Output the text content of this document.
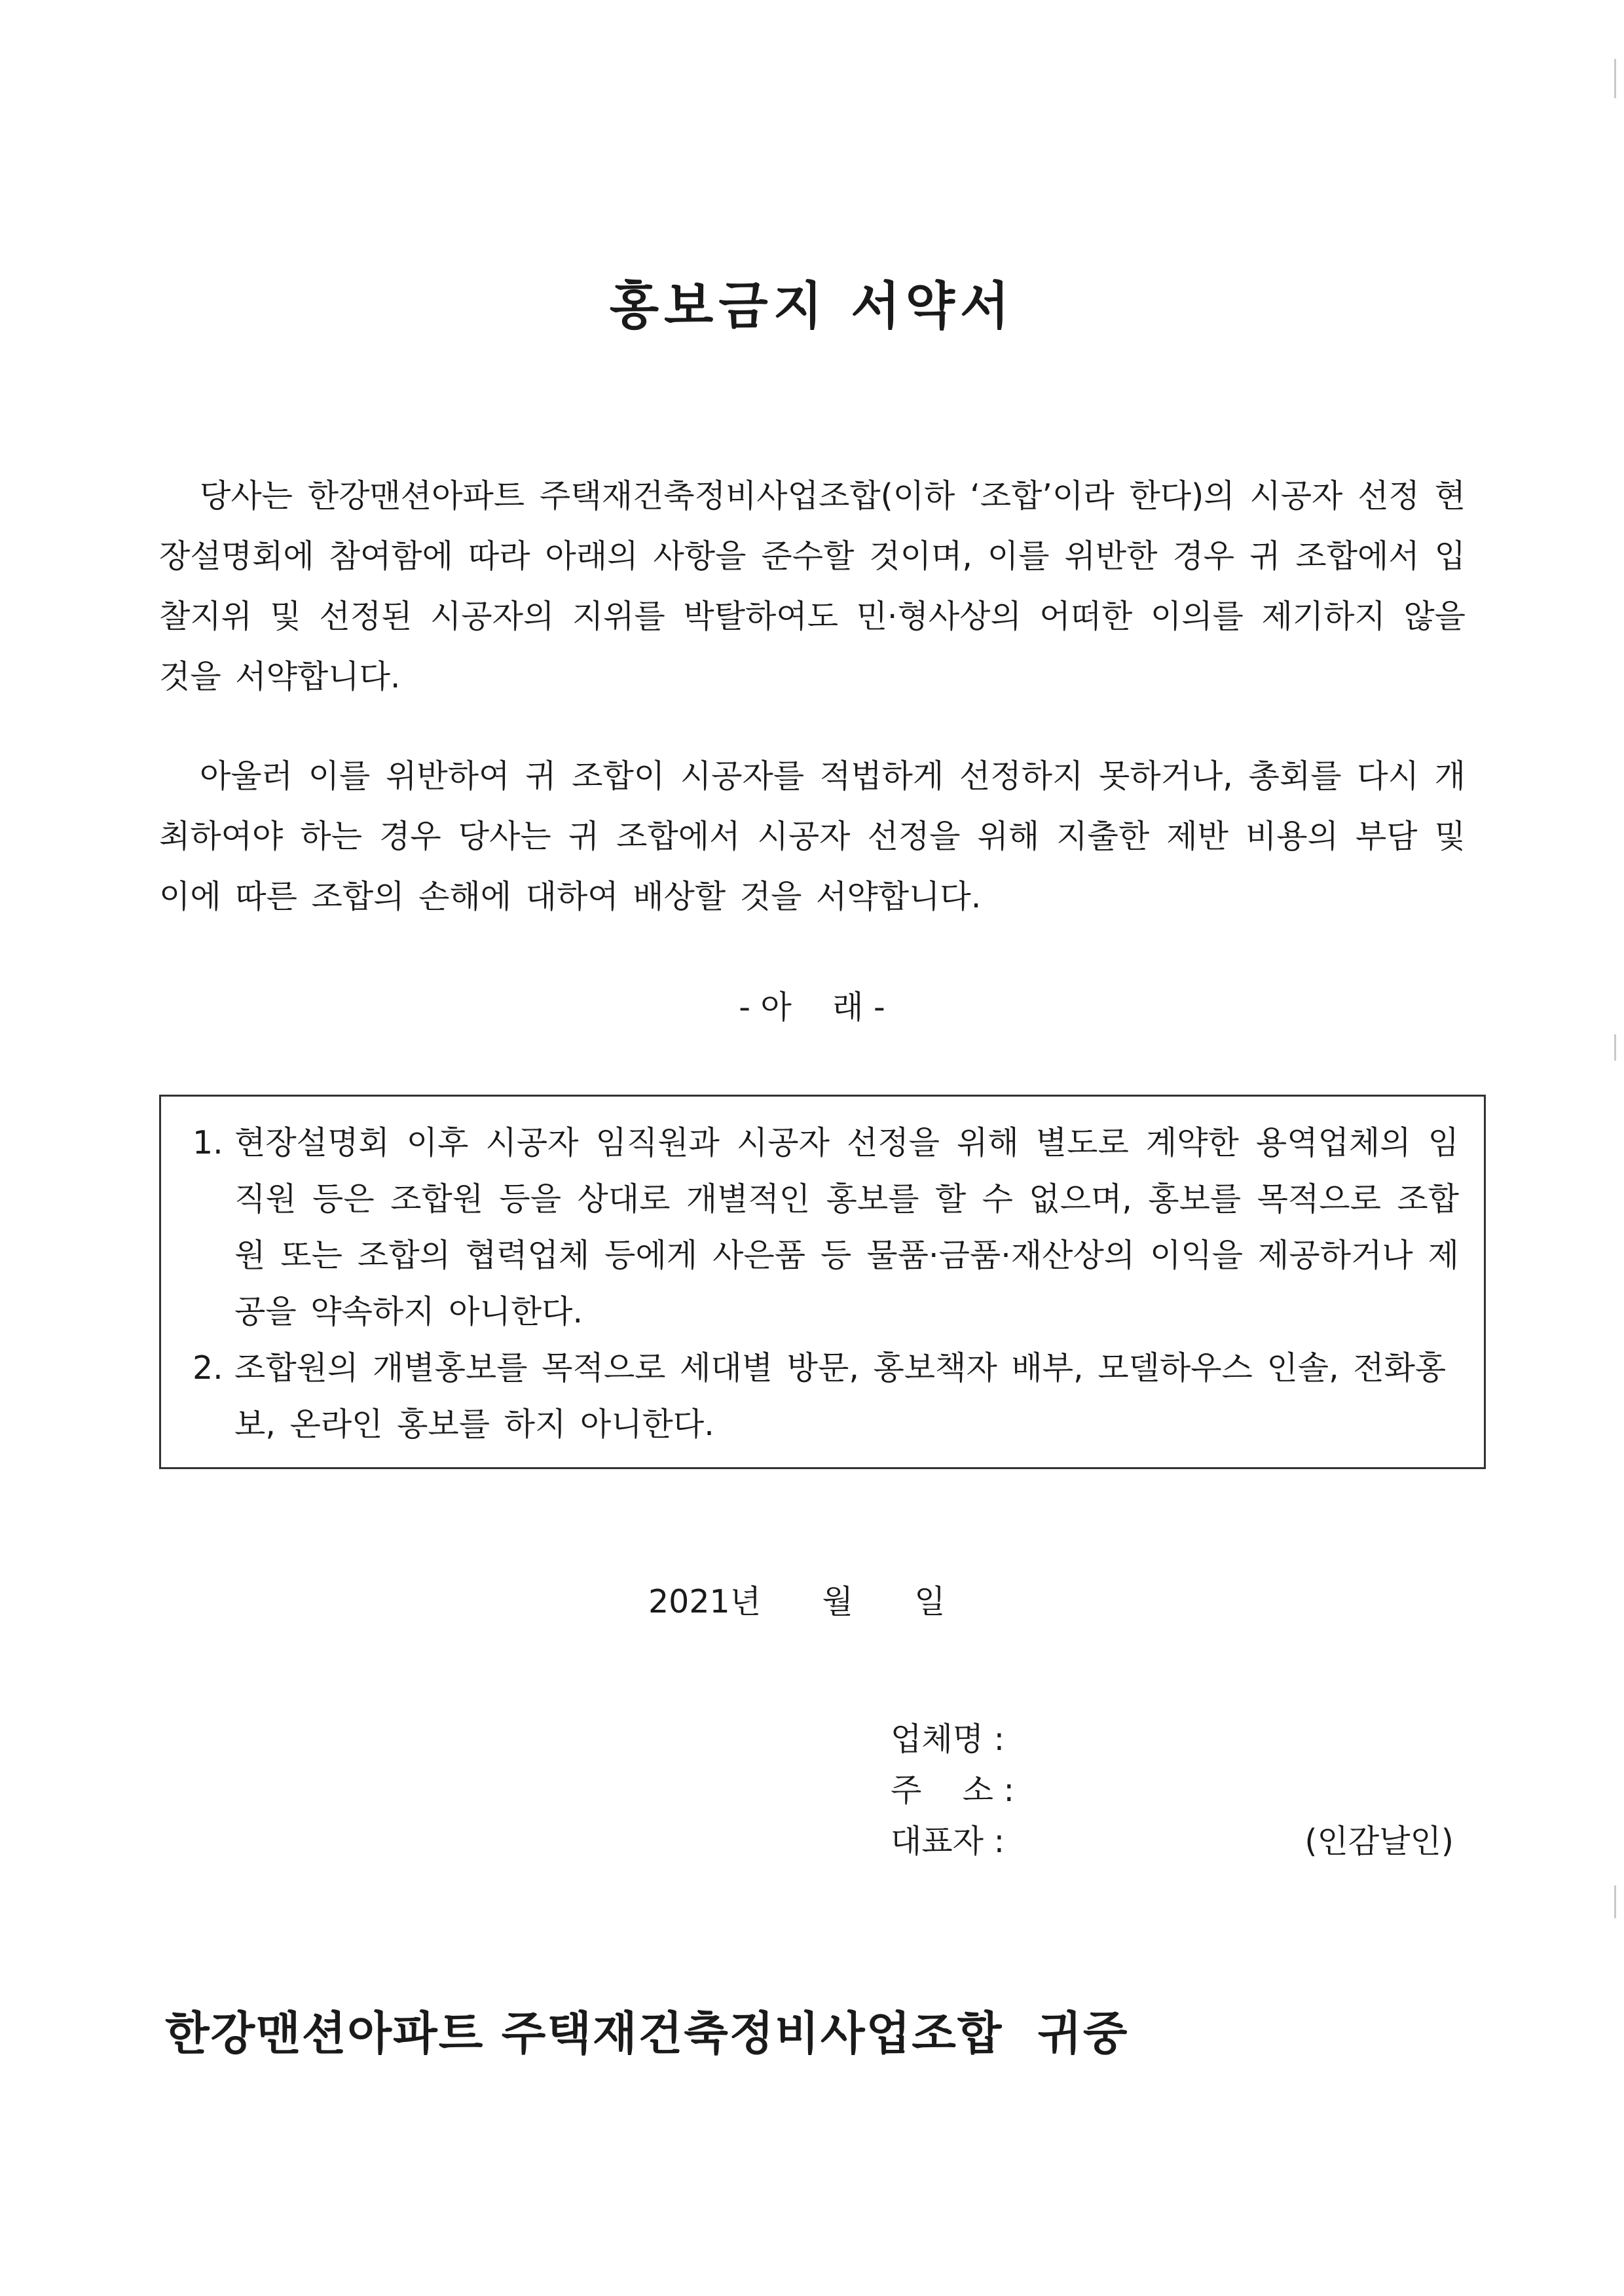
홍보금지 서약서

당사는 한강맨션아파트 주택재건축정비사업조합(이하 ‘조합’이라 한다)의 시공자 선정 현장설명회에 참여함에 따라 아래의 사항을 준수할 것이며, 이를 위반한 경우 귀 조합에서 입찰지위 및 선정된 시공자의 지위를 박탈하여도 민·형사상의 어떠한 이의를 제기하지 않을 것을 서약합니다.

아울러 이를 위반하여 귀 조합이 시공자를 적법하게 선정하지 못하거나, 총회를 다시 개최하여야 하는 경우 당사는 귀 조합에서 시공자 선정을 위해 지출한 제반 비용의 부담 및 이에 따른 조합의 손해에 대하여 배상할 것을 서약합니다.

- 아    래 -

1. 현장설명회 이후 시공자 임직원과 시공자 선정을 위해 별도로 계약한 용역업체의 임직원 등은 조합원 등을 상대로 개별적인 홍보를 할 수 없으며, 홍보를 목적으로 조합원 또는 조합의 협력업체 등에게 사은품 등 물품·금품·재산상의 이익을 제공하거나 제공을 약속하지 아니한다.
2. 조합원의 개별홍보를 목적으로 세대별 방문, 홍보책자 배부, 모델하우스 인솔, 전화홍보, 온라인 홍보를 하지 아니한다.

2021년      월      일

업체명 :
주    소 :
대표자 :	(인감날인)

한강맨션아파트 주택재건축정비사업조합  귀중
